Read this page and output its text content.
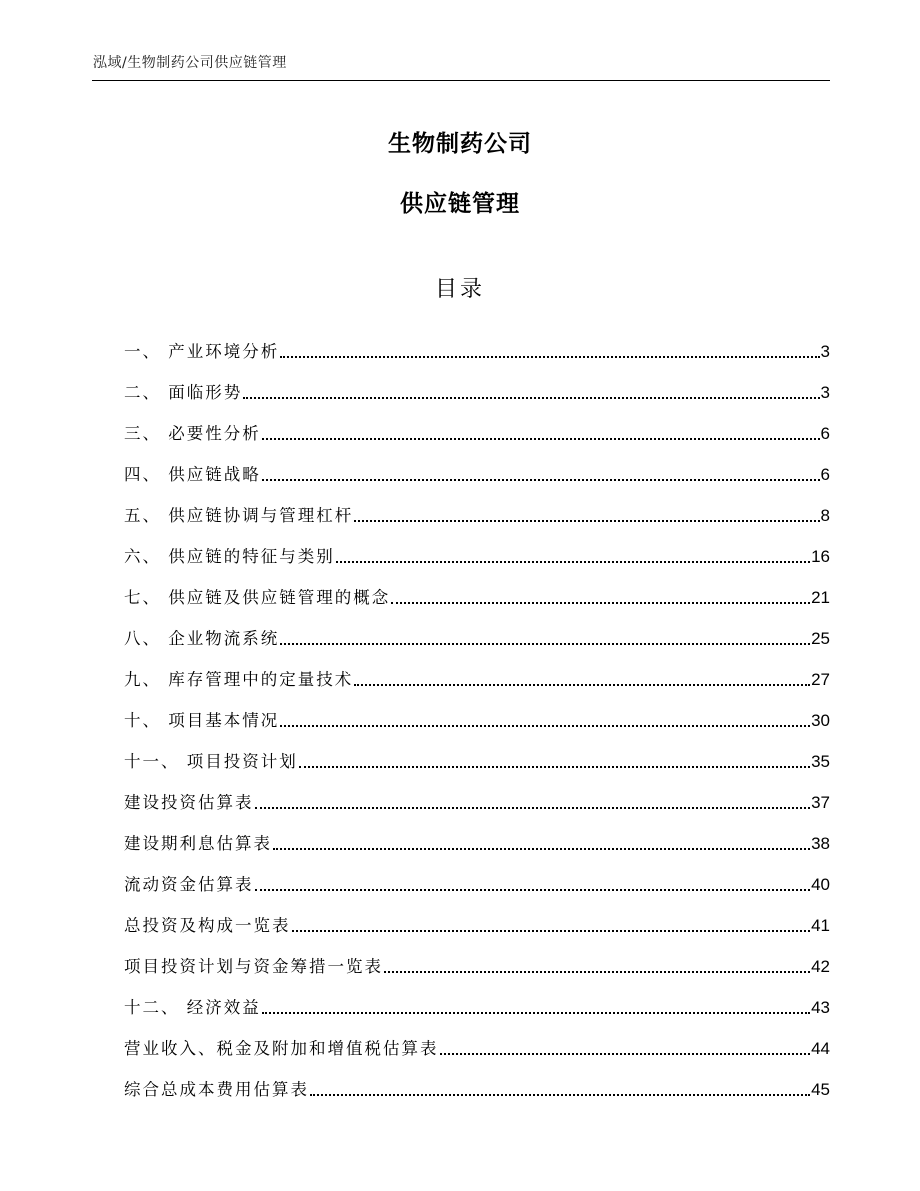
泓域/生物制药公司供应链管理
生物制药公司
供应链管理
目录
一、 产业环境分析	3
二、 面临形势	3
三、 必要性分析	6
四、 供应链战略	6
五、 供应链协调与管理杠杆	8
六、 供应链的特征与类别	16
七、 供应链及供应链管理的概念	21
八、 企业物流系统	25
九、 库存管理中的定量技术	27
十、 项目基本情况	30
十一、 项目投资计划	35
建设投资估算表	37
建设期利息估算表	38
流动资金估算表	40
总投资及构成一览表	41
项目投资计划与资金筹措一览表	42
十二、 经济效益	43
营业收入、税金及附加和增值税估算表	44
综合总成本费用估算表	45
